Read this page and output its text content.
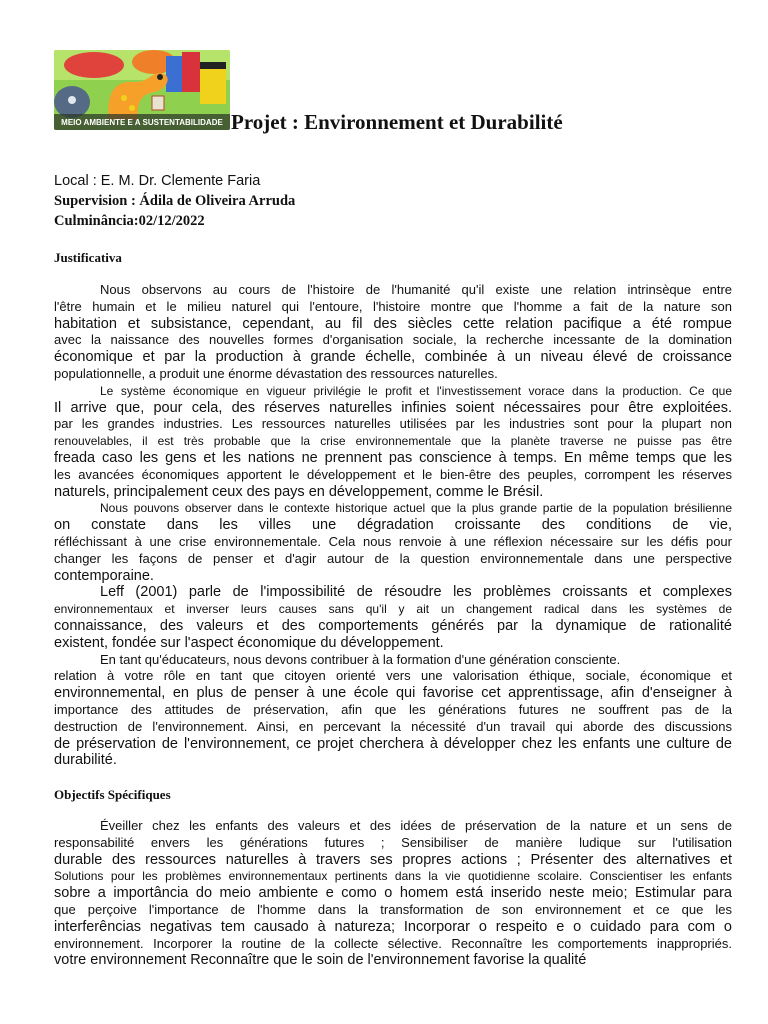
MEIO AMBIENTE E A SUSTENTABILIDADE Projet : Environnement et Durabilité
Local : E. M. Dr. Clemente Faria
Supervision : Ádila de Oliveira Arruda
Culminância:02/12/2022
Justificativa
Nous observons au cours de l'histoire de l'humanité qu'il existe une relation intrinsèque entre
l'être humain et le milieu naturel qui l'entoure, l'histoire montre que l'homme a fait de la nature son
habitation et subsistance, cependant, au fil des siècles cette relation pacifique a été rompue
avec la naissance des nouvelles formes d'organisation sociale, la recherche incessante de la domination
économique et par la production à grande échelle, combinée à un niveau élevé de croissance
populationnelle, a produit une énorme dévastation des ressources naturelles.
Le système économique en vigueur privilégie le profit et l'investissement vorace dans la production. Ce que
Il arrive que, pour cela, des réserves naturelles infinies soient nécessaires pour être exploitées.
par les grandes industries. Les ressources naturelles utilisées par les industries sont pour la plupart non
renouvelables, il est très probable que la crise environnementale que la planète traverse ne puisse pas être
freada caso les gens et les nations ne prennent pas conscience à temps. En même temps que les
les avancées économiques apportent le développement et le bien-être des peuples, corrompent les réserves
naturels, principalement ceux des pays en développement, comme le Brésil.
Nous pouvons observer dans le contexte historique actuel que la plus grande partie de la population brésilienne
on constate dans les villes une dégradation croissante des conditions de vie,
réfléchissant à une crise environnementale. Cela nous renvoie à une réflexion nécessaire sur les défis pour
changer les façons de penser et d'agir autour de la question environnementale dans une perspective
contemporaine.
Leff (2001) parle de l'impossibilité de résoudre les problèmes croissants et complexes
environnementaux et inverser leurs causes sans qu'il y ait un changement radical dans les systèmes de
connaissance, des valeurs et des comportements générés par la dynamique de rationalité
existent, fondée sur l'aspect économique du développement.
En tant qu'éducateurs, nous devons contribuer à la formation d'une génération consciente.
relation à votre rôle en tant que citoyen orienté vers une valorisation éthique, sociale, économique et
environnemental, en plus de penser à une école qui favorise cet apprentissage, afin d'enseigner à
importance des attitudes de préservation, afin que les générations futures ne souffrent pas de la
destruction de l'environnement. Ainsi, en percevant la nécessité d'un travail qui aborde des discussions
de préservation de l'environnement, ce projet cherchera à développer chez les enfants une culture de
durabilité.
Objectifs Spécifiques
Éveiller chez les enfants des valeurs et des idées de préservation de la nature et un sens de
responsabilité envers les générations futures ; Sensibiliser de manière ludique sur l'utilisation
durable des ressources naturelles à travers ses propres actions ; Présenter des alternatives et
Solutions pour les problèmes environnementaux pertinents dans la vie quotidienne scolaire. Conscientiser les enfants
sobre a importância do meio ambiente e como o homem está inserido neste meio; Estimular para
que perçoive l'importance de l'homme dans la transformation de son environnement et ce que les
interferências negativas tem causado à natureza; Incorporar o respeito e o cuidado para com o
environnement. Incorporer la routine de la collecte sélective. Reconnaître les comportements inappropriés.
votre environnement Reconnaître que le soin de l'environnement favorise la qualité
